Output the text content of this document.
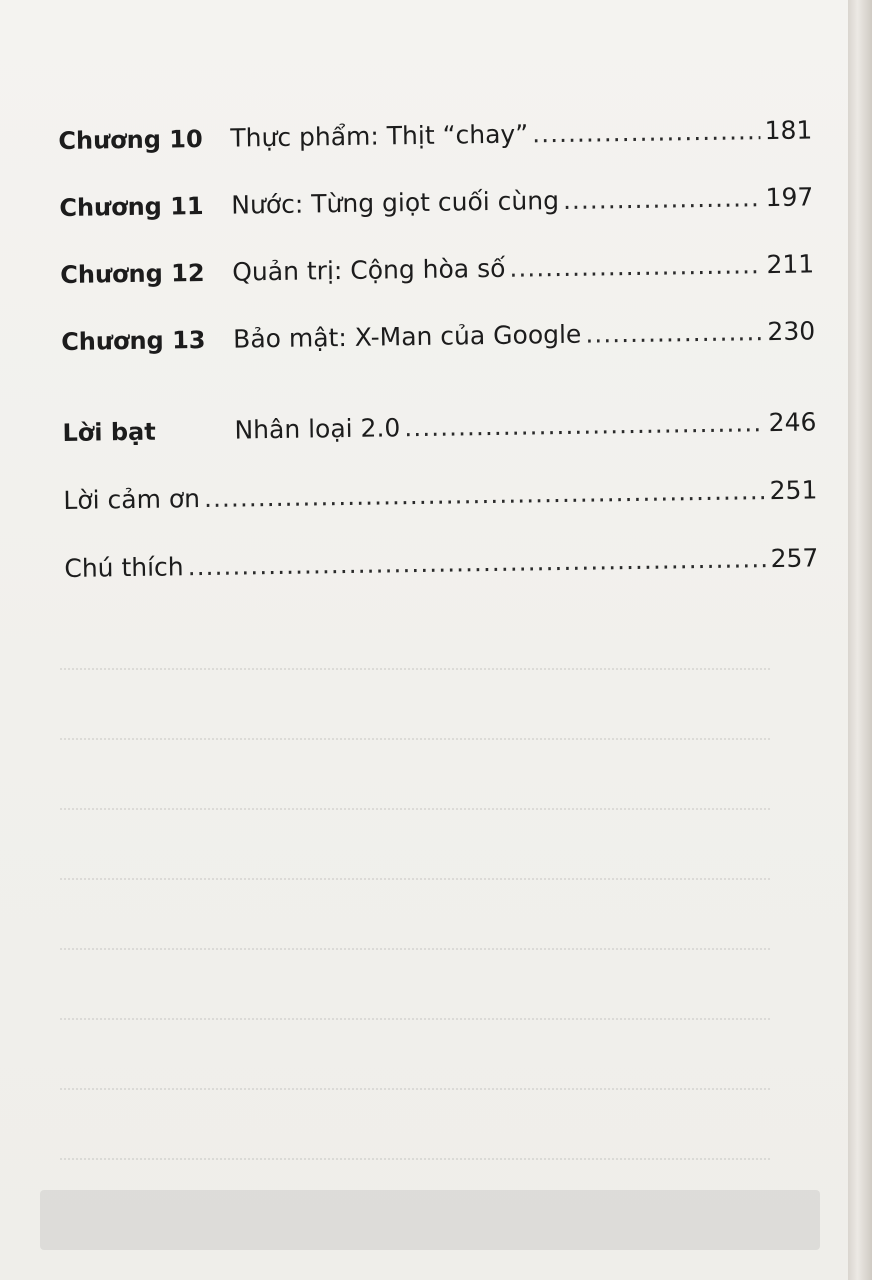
Chương 10	Thực phẩm: Thịt “chay” .....	181
Chương 11	Nước: Từng giọt cuối cùng .....	197
Chương 12	Quản trị: Cộng hòa số .....	211
Chương 13	Bảo mật: X-Man của Google .....	230
Lời bạt	Nhân loại 2.0 .....	246
Lời cảm ơn .....	251
Chú thích .....	257
